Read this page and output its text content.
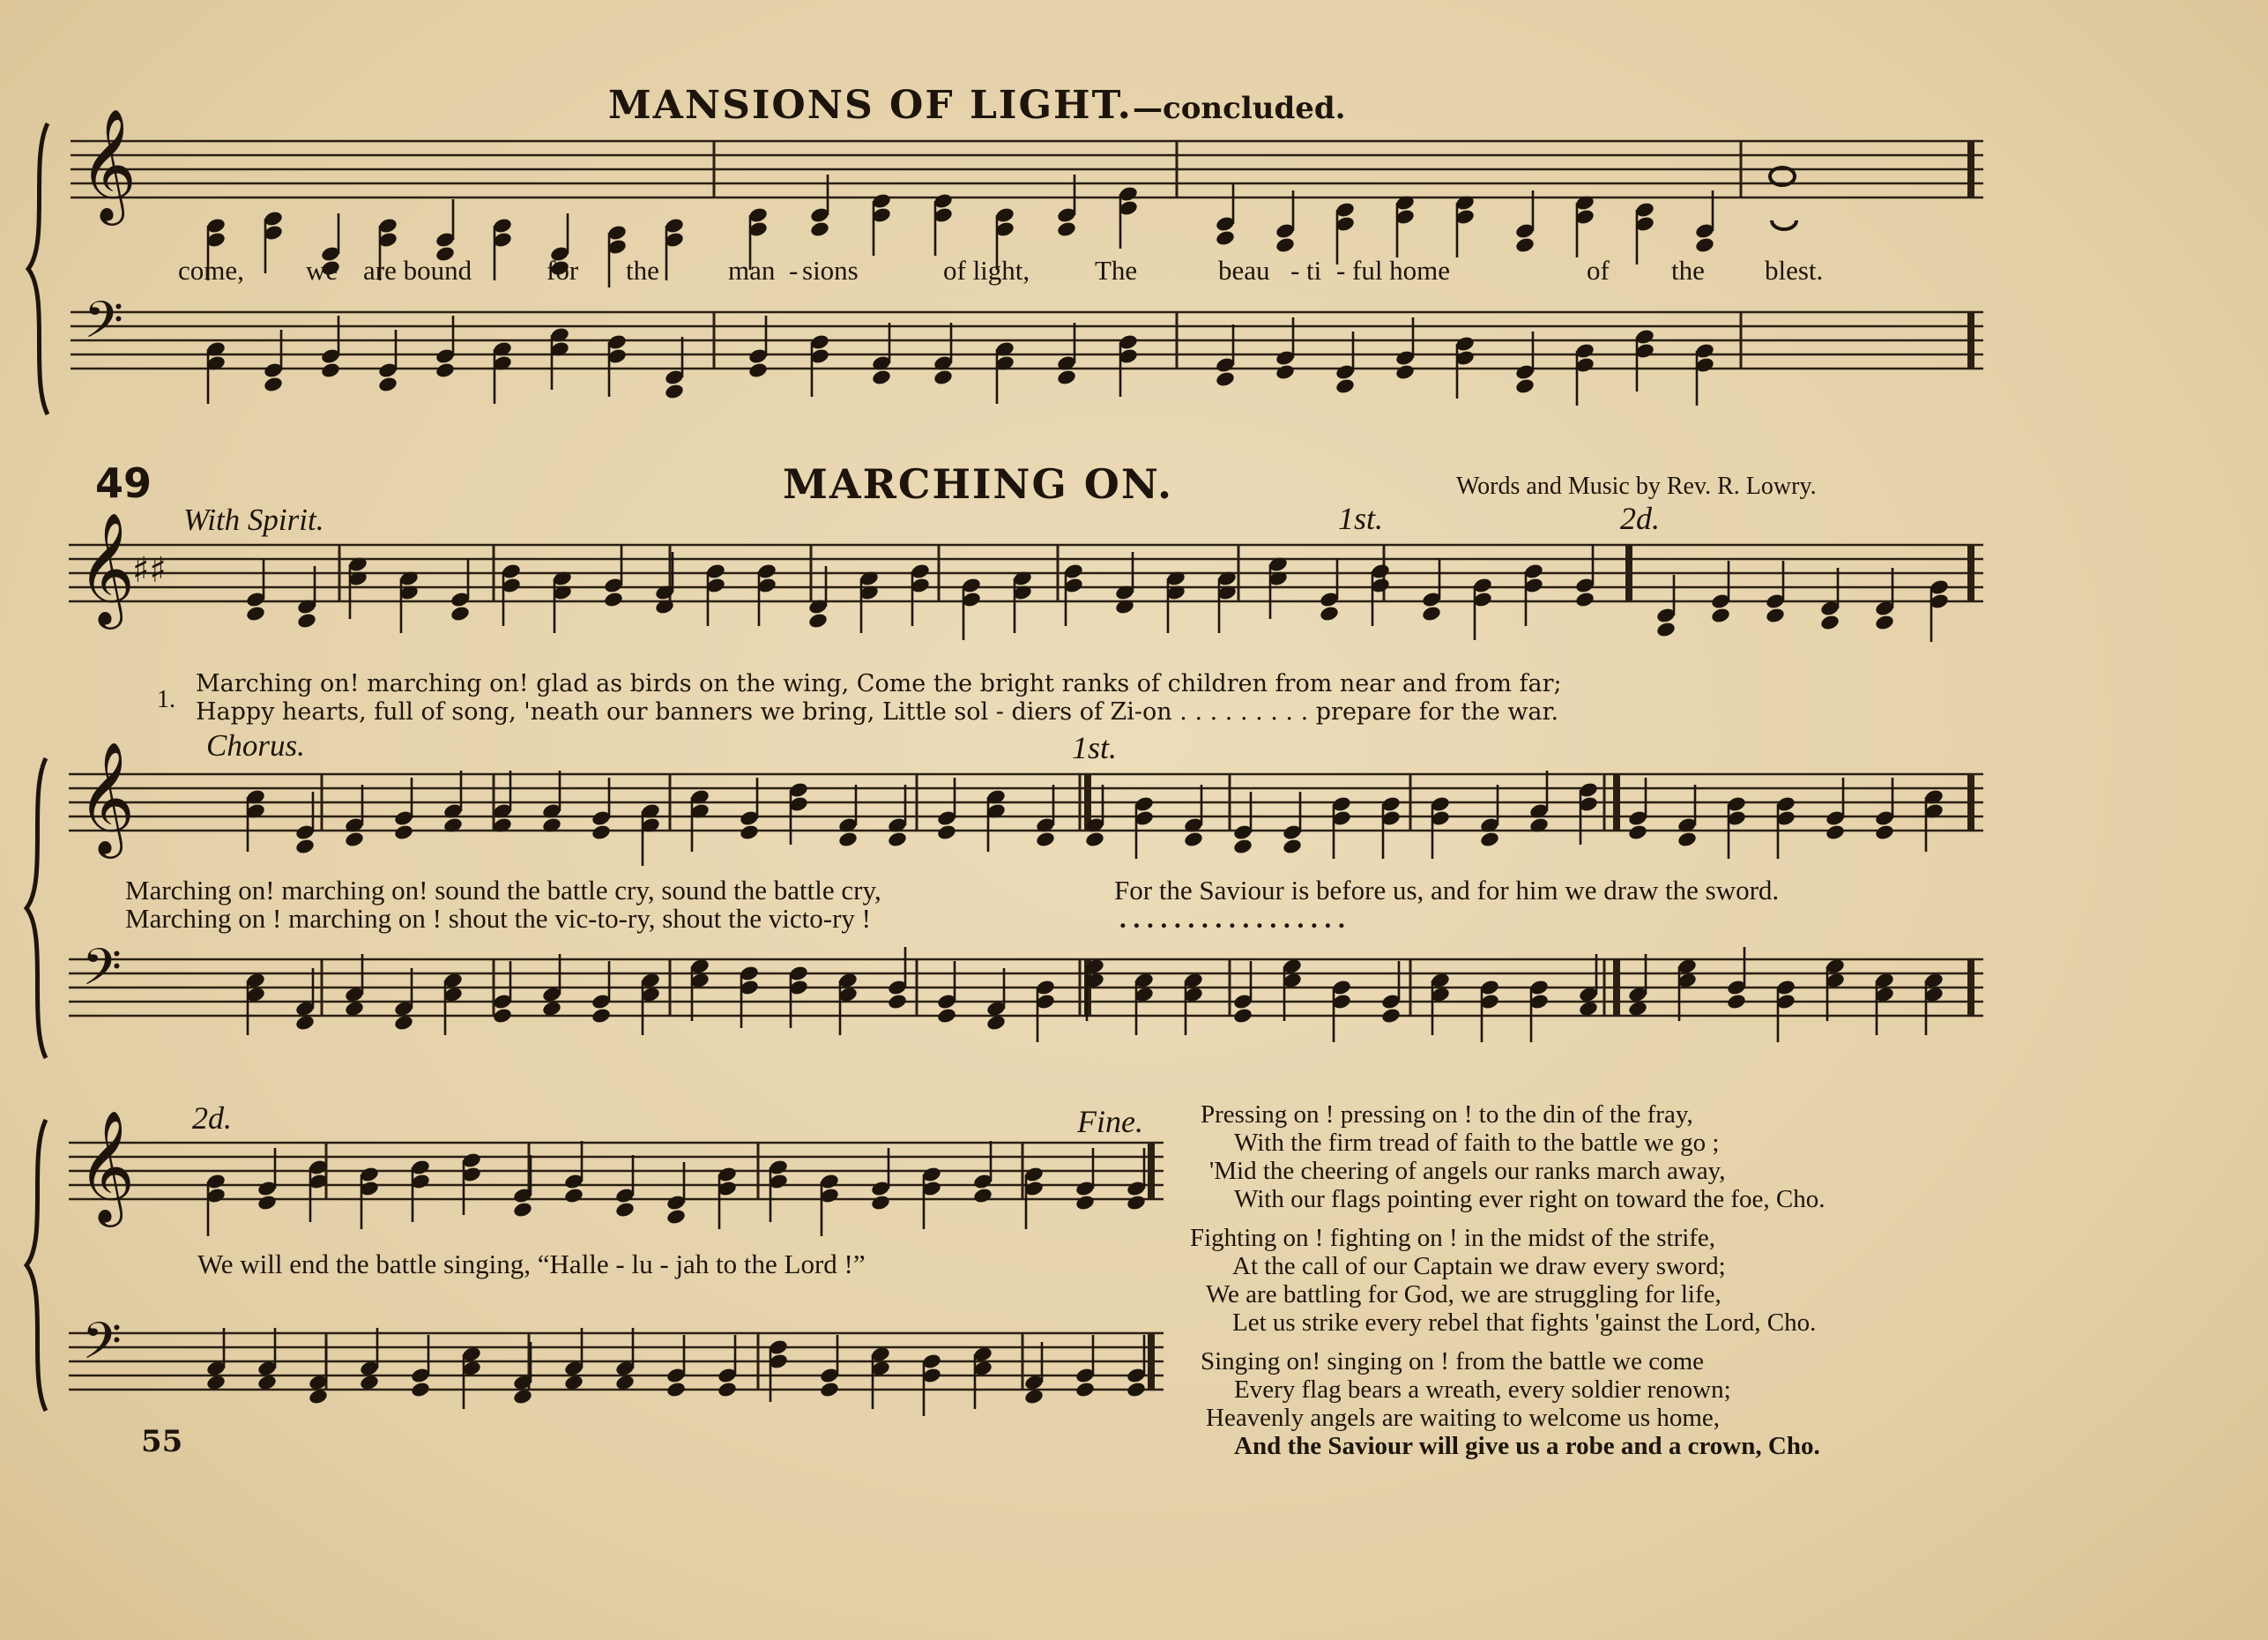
𝄞
𝄢
𝄞
♯♯
𝄞
𝄢
𝄞
𝄢
MANSIONS OF LIGHT.—concluded.
come, we are bound	for the	man - sions	of light, The	beau - ti - ful home	of the blest.
49	MARCHING ON.	Words and Music by Rev. R. Lowry.
With Spirit.	1st.	2d.
1.
Marching on! marching on! glad as birds on the wing, Come the bright ranks of children from near and from far;
Happy hearts, full of song, 'neath our banners we bring, Little sol - diers of Zi-on . . . . . . . . . prepare for the war.
Chorus.	1st.
Marching on! marching on! sound the battle cry, sound the battle cry,	For the Saviour is before us, and for him we draw the sword.
Marching on ! marching on ! shout the vic-to-ry, shout the victo-ry !	. . . . . . . . . . . . . . . . .
2d.	Fine.
We will end the battle singing, “Halle - lu - jah to the Lord !”
Pressing on ! pressing on ! to the din of the fray,
With the firm tread of faith to the battle we go ;
'Mid the cheering of angels our ranks march away,
With our flags pointing ever right on toward the foe, Cho.
Fighting on ! fighting on ! in the midst of the strife,
At the call of our Captain we draw every sword;
We are battling for God, we are struggling for life,
Let us strike every rebel that fights 'gainst the Lord, Cho.
Singing on! singing on ! from the battle we come
Every flag bears a wreath, every soldier renown;
Heavenly angels are waiting to welcome us home,
And the Saviour will give us a robe and a crown, Cho.
55
